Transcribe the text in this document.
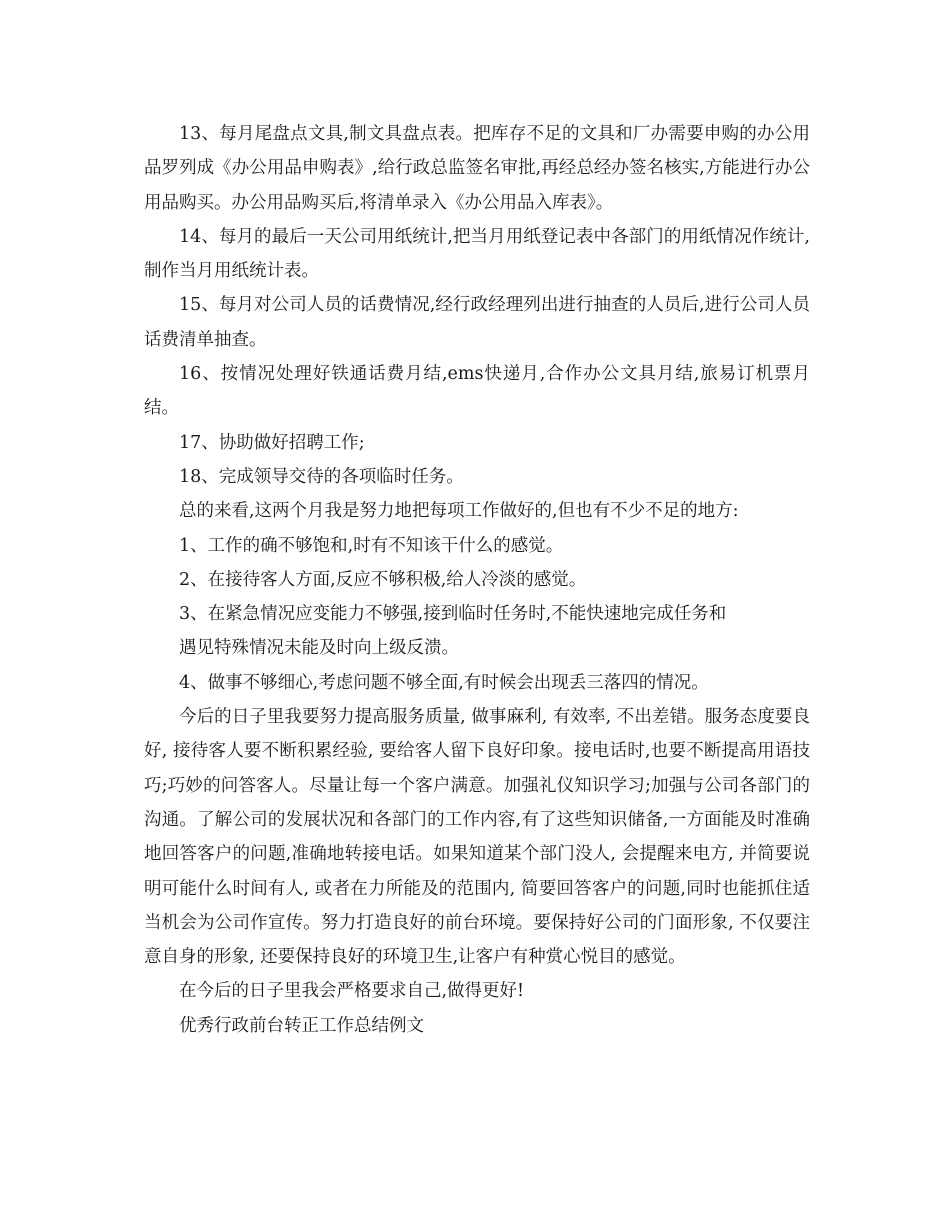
13、每月尾盘点文具,制文具盘点表。把库存不足的文具和厂办需要申购的办公用品罗列成《办公用品申购表》,给行政总监签名审批,再经总经办签名核实,方能进行办公用品购买。办公用品购买后,将清单录入《办公用品入库表》。

14、每月的最后一天公司用纸统计,把当月用纸登记表中各部门的用纸情况作统计,制作当月用纸统计表。

15、每月对公司人员的话费情况,经行政经理列出进行抽查的人员后,进行公司人员话费清单抽查。

16、按情况处理好铁通话费月结,ems快递月,合作办公文具月结,旅易订机票月结。

17、协助做好招聘工作;

18、完成领导交待的各项临时任务。

总的来看,这两个月我是努力地把每项工作做好的,但也有不少不足的地方:

1、工作的确不够饱和,时有不知该干什么的感觉。

2、在接待客人方面,反应不够积极,给人冷淡的感觉。

3、在紧急情况应变能力不够强,接到临时任务时,不能快速地完成任务和

遇见特殊情况未能及时向上级反溃。

4、做事不够细心,考虑问题不够全面,有时候会出现丢三落四的情况。

今后的日子里我要努力提高服务质量, 做事麻利, 有效率, 不出差错。服务态度要良好, 接待客人要不断积累经验, 要给客人留下良好印象。接电话时,也要不断提高用语技巧;巧妙的问答客人。尽量让每一个客户满意。加强礼仪知识学习;加强与公司各部门的沟通。了解公司的发展状况和各部门的工作内容,有了这些知识储备,一方面能及时准确地回答客户的问题,准确地转接电话。如果知道某个部门没人, 会提醒来电方, 并简要说明可能什么时间有人, 或者在力所能及的范围内, 简要回答客户的问题,同时也能抓住适当机会为公司作宣传。努力打造良好的前台环境。要保持好公司的门面形象, 不仅要注意自身的形象, 还要保持良好的环境卫生,让客户有种赏心悦目的感觉。

在今后的日子里我会严格要求自己,做得更好!

优秀行政前台转正工作总结例文
